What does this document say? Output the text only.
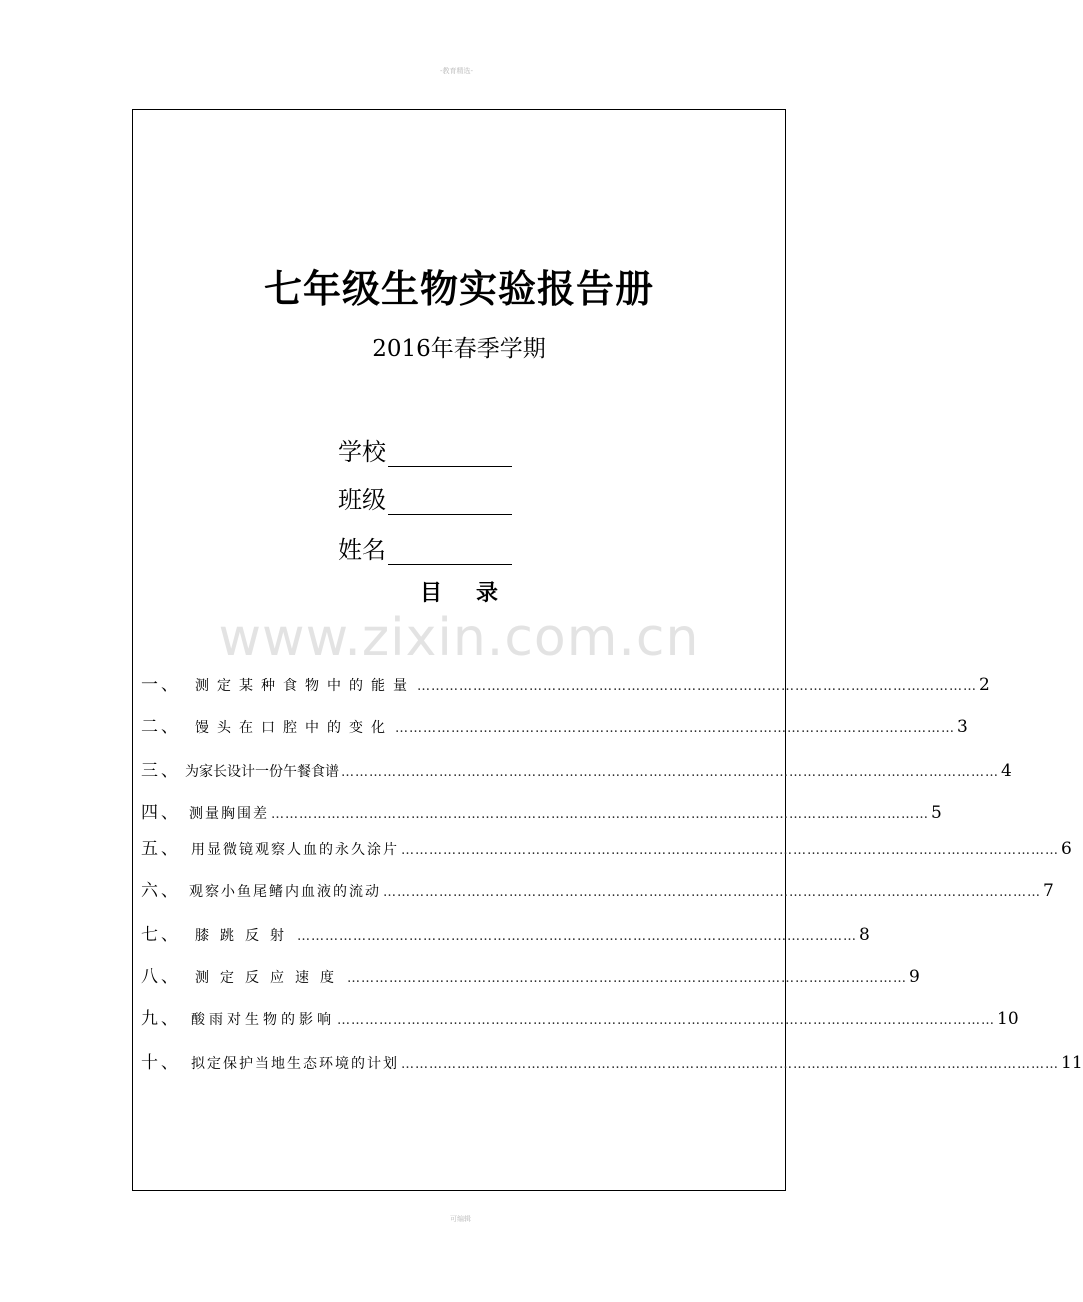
-教育精选-
七年级生物实验报告册
2016年春季学期
学校
班级
姓名
目录
www.zixin.com.cn
一、 测定某种食物中的能量 ………………………………………………………………………………………………………… 2
二、 馒头在口腔中的变化 ………………………………………………………………………………………………………… 3
三、 为家长设计一份午餐食谱 …………………………………………………………………………………………………………………………… 4
四、 测量胸围差 …………………………………………………………………………………………………………………………… 5
五、 用显微镜观察人血的永久涂片 …………………………………………………………………………………………………………………………… 6
六、 观察小鱼尾鳍内血液的流动 …………………………………………………………………………………………………………………………… 7
七、 膝跳反射 ………………………………………………………………………………………………………… 8
八、 测定反应速度 ………………………………………………………………………………………………………… 9
九、 酸雨对生物的影响 …………………………………………………………………………………………………………………………… 10
十、 拟定保护当地生态环境的计划 …………………………………………………………………………………………………………………………… 11
可编辑
